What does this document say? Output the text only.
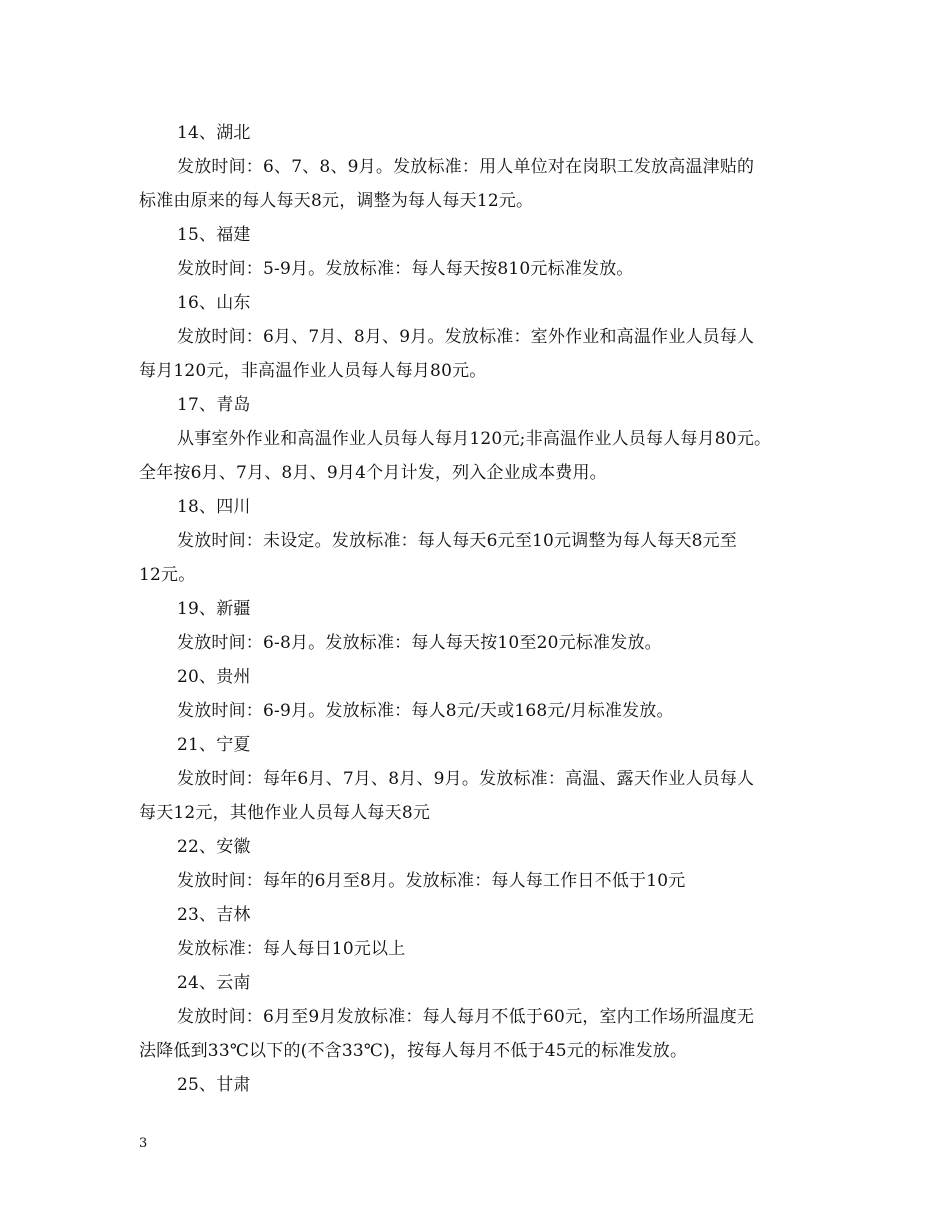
14、湖北
发放时间：6、7、8、9月。发放标准：用人单位对在岗职工发放高温津贴的
标准由原来的每人每天8元，调整为每人每天12元。
15、福建
发放时间：5-9月。发放标准：每人每天按810元标准发放。
16、山东
发放时间：6月、7月、8月、9月。发放标准：室外作业和高温作业人员每人
每月120元，非高温作业人员每人每月80元。
17、青岛
从事室外作业和高温作业人员每人每月120元;非高温作业人员每人每月80元。
全年按6月、7月、8月、9月4个月计发，列入企业成本费用。
18、四川
发放时间：未设定。发放标准：每人每天6元至10元调整为每人每天8元至
12元。
19、新疆
发放时间：6-8月。发放标准：每人每天按10至20元标准发放。
20、贵州
发放时间：6-9月。发放标准：每人8元/天或168元/月标准发放。
21、宁夏
发放时间：每年6月、7月、8月、9月。发放标准：高温、露天作业人员每人
每天12元，其他作业人员每人每天8元
22、安徽
发放时间：每年的6月至8月。发放标准：每人每工作日不低于10元
23、吉林
发放标准：每人每日10元以上
24、云南
发放时间：6月至9月发放标准：每人每月不低于60元，室内工作场所温度无
法降低到33℃以下的(不含33℃)，按每人每月不低于45元的标准发放。
25、甘肃
3
